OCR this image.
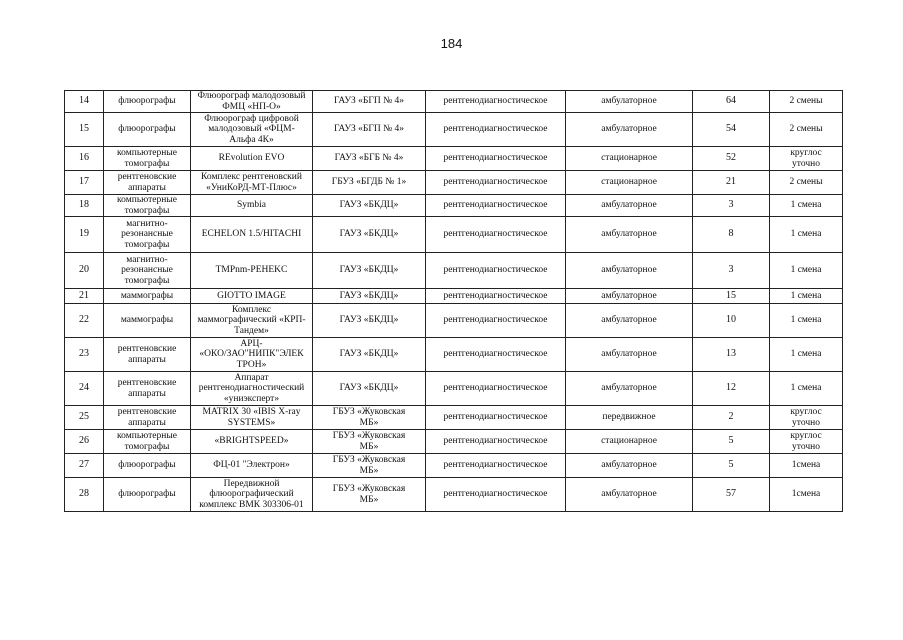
184
14	флюорографы	Флюорограф малодозовый
ФМЦ «НП-О»	ГАУЗ «БГП № 4»	рентгенодиагностическое	амбулаторное	64	2 смены
15	флюорографы	Флюорограф цифровой
малодозовый «ФЦМ-
Альфа 4К»	ГАУЗ «БГП № 4»	рентгенодиагностическое	амбулаторное	54	2 смены
16	компьютерные
томографы	REvolution EVO	ГАУЗ «БГБ № 4»	рентгенодиагностическое	стационарное	52	круглос
уточно
17	рентгеновские
аппараты	Комплекс рентгеновский
«УниКоРД-МТ-Плюс»	ГБУЗ «БГДБ № 1»	рентгенодиагностическое	стационарное	21	2 смены
18	компьютерные
томографы	Symbia	ГАУЗ «БКДЦ»	рентгенодиагностическое	амбулаторное	3	1 смена
19	магнитно-
резонансные
томографы	ECHELON 1.5/HITACHI	ГАУЗ «БКДЦ»	рентгенодиагностическое	амбулаторное	8	1 смена
20	магнитно-
резонансные
томографы	TMPnm-PEHEKC	ГАУЗ «БКДЦ»	рентгенодиагностическое	амбулаторное	3	1 смена
21	маммографы	GIOTTO IMAGE	ГАУЗ «БКДЦ»	рентгенодиагностическое	амбулаторное	15	1 смена
22	маммографы	Комплекс
маммографический «КРП-
Тандем»	ГАУЗ «БКДЦ»	рентгенодиагностическое	амбулаторное	10	1 смена
23	рентгеновские
аппараты	АРЦ-
«ОКО/ЗАО"НИПК"ЭЛЕК
ТРОН»	ГАУЗ «БКДЦ»	рентгенодиагностическое	амбулаторное	13	1 смена
24	рентгеновские
аппараты	Аппарат
рентгенодиагностический
«униэксперт»	ГАУЗ «БКДЦ»	рентгенодиагностическое	амбулаторное	12	1 смена
25	рентгеновские
аппараты	MATRIX 30 «IBIS X-ray
SYSTEMS»	ГБУЗ «Жуковская
МБ»	рентгенодиагностическое	передвижное	2	круглос
уточно
26	компьютерные
томографы	«BRIGHTSPEED»	ГБУЗ «Жуковская
МБ»	рентгенодиагностическое	стационарное	5	круглос
уточно
27	флюорографы	ФЦ-01 "Электрон»	ГБУЗ «Жуковская
МБ»	рентгенодиагностическое	амбулаторное	5	1смена
28	флюорографы	Передвижной
флюорографический
комплекс ВМК 303306-01	ГБУЗ «Жуковская
МБ»	рентгенодиагностическое	амбулаторное	57	1смена
